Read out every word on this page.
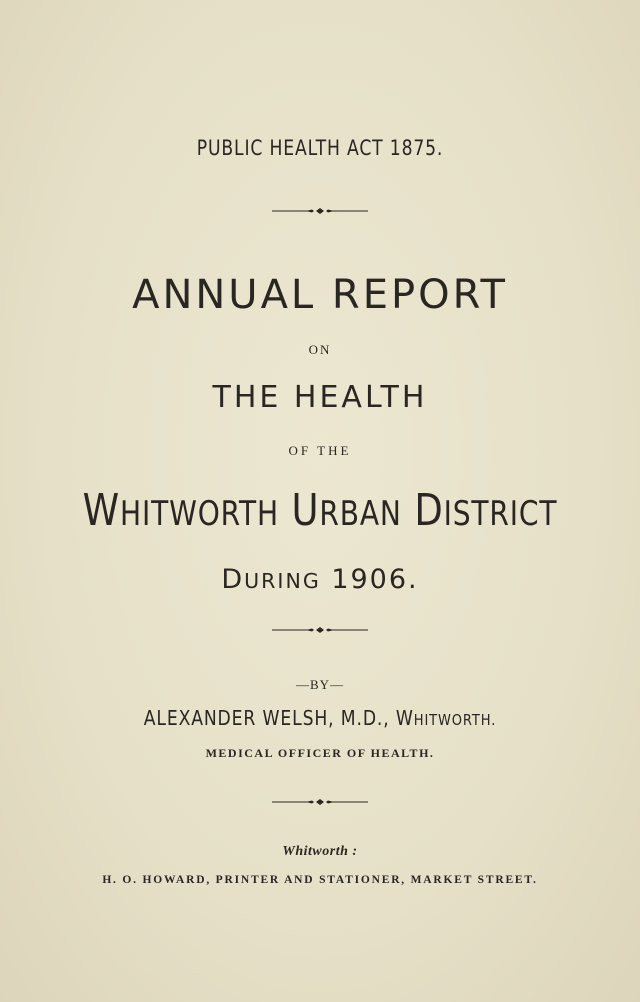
PUBLIC HEALTH ACT 1875.
ANNUAL REPORT
ON
THE HEALTH
OF THE
WHITWORTH URBAN DISTRICT
DURING 1906.
—BY—
ALEXANDER WELSH, M.D., WHITWORTH.
MEDICAL OFFICER OF HEALTH.
Whitworth :
H. O. HOWARD, PRINTER AND STATIONER, MARKET STREET.
